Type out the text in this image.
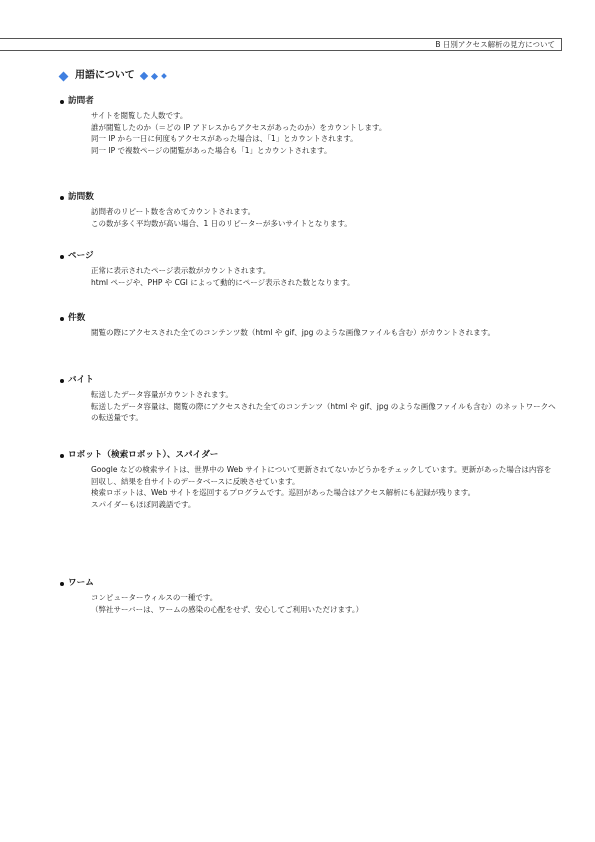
B 日別アクセス解析の見方について
用語について
訪問者

サイトを閲覧した人数です。

誰が閲覧したのか（＝どの IP アドレスからアクセスがあったのか）をカウントします。

同一 IP から一日に何度もアクセスがあった場合は、「1」とカウントされます。

同一 IP で複数ページの閲覧があった場合も「1」とカウントされます。

訪問数

訪問者のリピート数を含めてカウントされます。

この数が多く平均数が高い場合、1 日のリピーターが多いサイトとなります。

ページ

正常に表示されたページ表示数がカウントされます。

html ページや、PHP や CGI によって動的にページ表示された数となります。

件数

閲覧の際にアクセスされた全てのコンテンツ数（html や gif、jpg のような画像ファイルも含む）がカウントされます。

バイト

転送したデータ容量がカウントされます。

転送したデータ容量は、閲覧の際にアクセスされた全てのコンテンツ（html や gif、jpg のような画像ファイルも含む）のネットワークへの転送量です。

ロボット（検索ロボット）、スパイダー

Google などの検索サイトは、世界中の Web サイトについて更新されてないかどうかをチェックしています。更新があった場合は内容を回収し、結果を自サイトのデータベースに反映させています。

検索ロボットは、Web サイトを巡回するプログラムです。巡回があった場合はアクセス解析にも記録が残ります。

スパイダーもほぼ同義語です。

ワーム

コンピューターウィルスの一種です。

（弊社サーバーは、ワームの感染の心配をせず、安心してご利用いただけます。）
